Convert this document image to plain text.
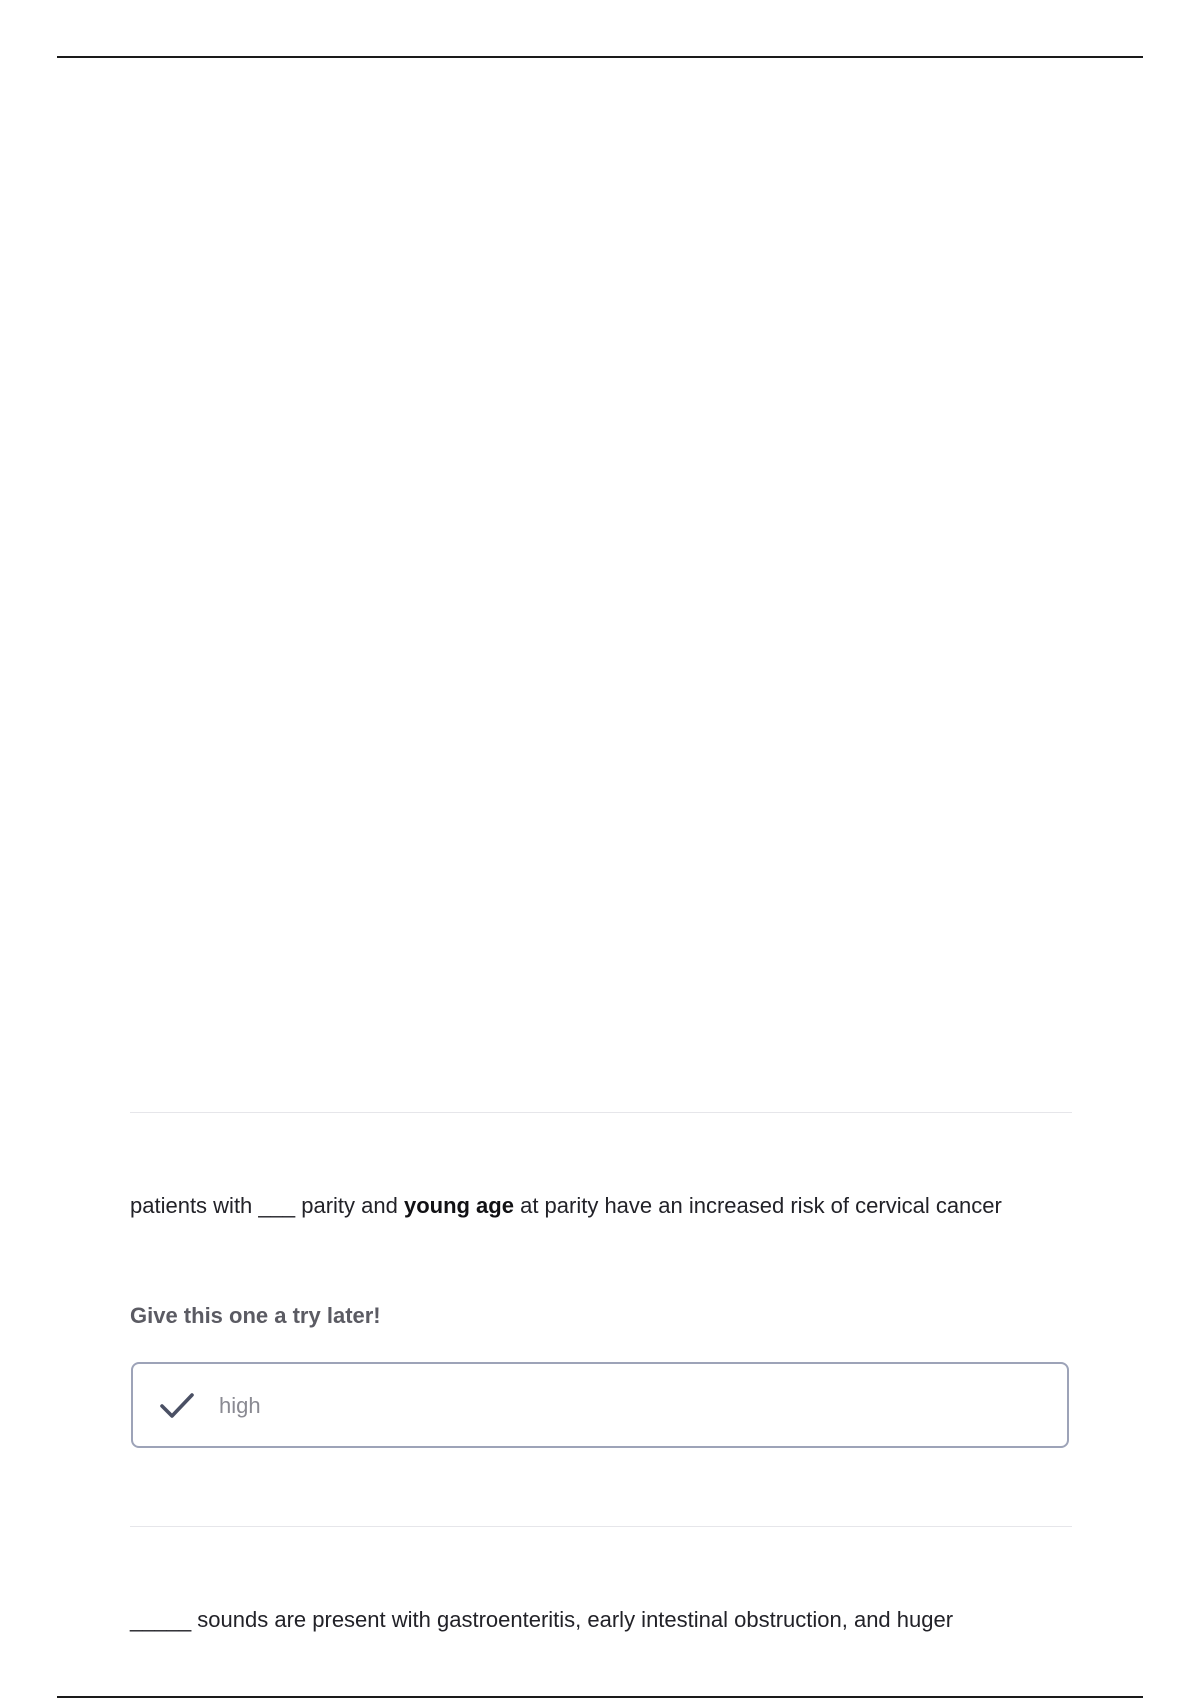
patients with ___ parity and young age at parity have an increased risk of cervical cancer

Give this one a try later!

high

_____ sounds are present with gastroenteritis, early intestinal obstruction, and huger
